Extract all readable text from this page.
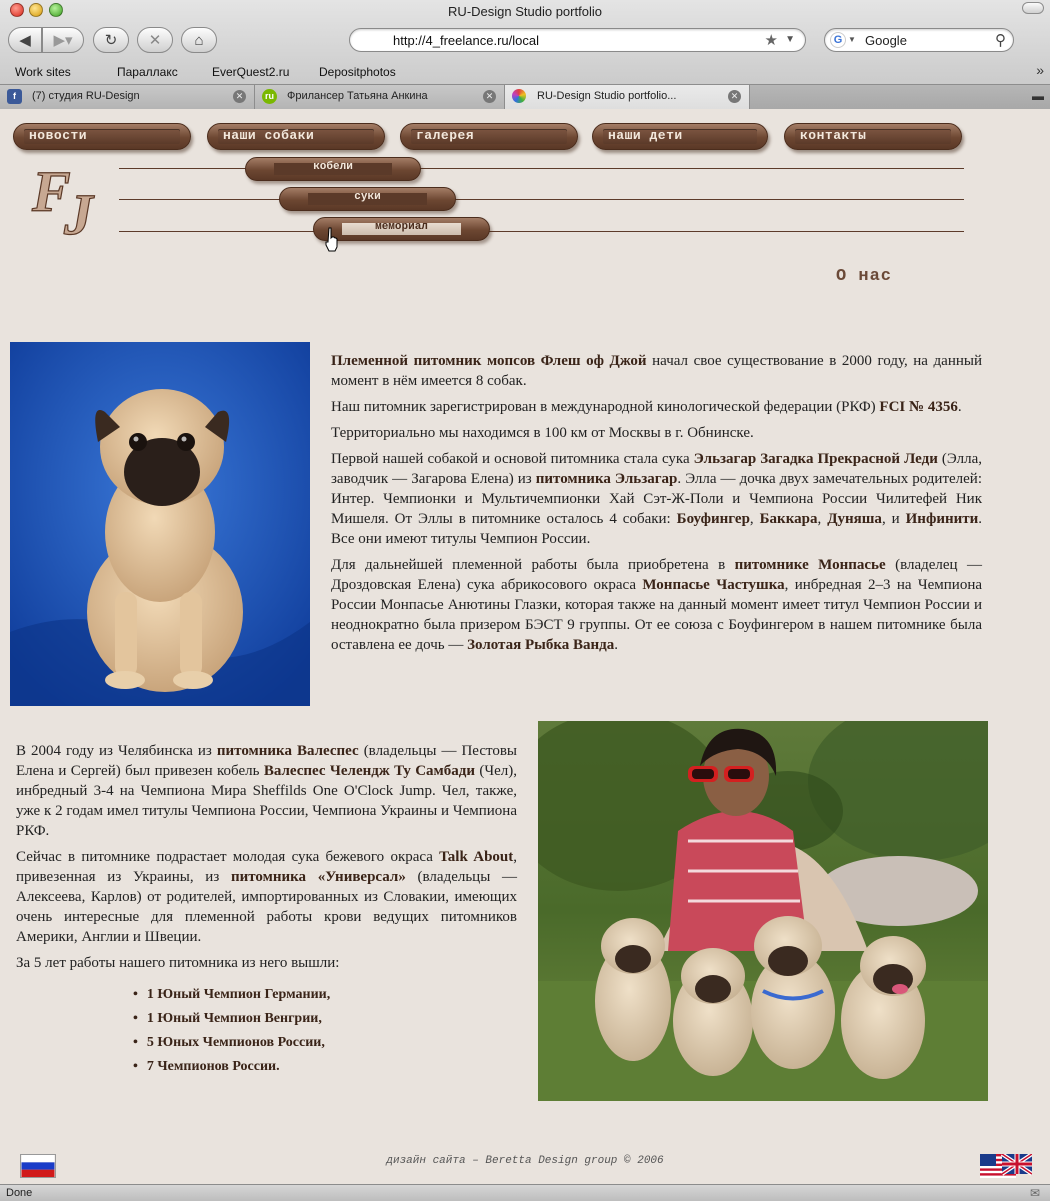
RU-Design Studio portfolio
◀ ▶▾ ↻ ✕ ⌂	http://4_freelance.ru/local	★ ▼	G ▼ Google	⚲
Work sites	Параллакс	EverQuest2.ru Depositphotos	»
f	(7) студия RU-Design	✕	ru Фрилансер Татьяна Анкина	✕	RU-Design Studio portfolio...	✕	▬
новости	наши собаки	галерея	наши дети	контакты
F
J
кобели
суки
мемориал
О нас

Племенной питомник мопсов Флеш оф Джой начал свое существование в 2000 году, на данный момент в нём имеется 8 собак.

Наш питомник зарегистрирован в международной кинологической федерации (РКФ) FCI № 4356.

Территориально мы находимся в 100 км от Москвы в г. Обнинске.

Первой нашей собакой и основой питомника стала сука Эльзагар Загадка Прекрасной Леди (Элла, заводчик — Загарова Елена) из питомника Эльзагар. Элла — дочка двух замечательных родителей: Интер. Чемпионки и Мультичемпионки Хай Сэт-Ж-Поли и Чемпиона России Чилитефей Ник Мишеля. От Эллы в питомнике осталось 4 собаки: Боуфингер, Баккара, Дуняша, и Инфинити. Все они имеют титулы Чемпион России.

Для дальнейшей племенной работы была приобретена в питомнике Монпасье (владелец — Дроздовская Елена) сука абрикосового окраса Монпасье Частушка, инбредная 2–3 на Чемпиона России Монпасье Анютины Глазки, которая также на данный момент имеет титул Чемпион России и неоднократно была призером БЭСТ 9 группы. От ее союза с Боуфингером в нашем питомнике была оставлена ее дочь — Золотая Рыбка Ванда.

В 2004 году из Челябинска из питомника Валеспес (владельцы — Пестовы Елена и Сергей) был привезен кобель Валеспес Челендж Ту Самбади (Чел), инбредный 3-4 на Чемпиона Мира Sheffilds One O'Clock Jump. Чел, также, уже к 2 годам имел титулы Чемпиона России, Чемпиона Украины и Чемпиона РКФ.

Сейчас в питомнике подрастает молодая сука бежевого окраса Talk About, привезенная из Украины, из питомника «Универсал» (владельцы — Алексеева, Карлов) от родителей, импортированных из Словакии, имеющих очень интересные для племенной работы крови ведущих питомников Америки, Англии и Швеции.

За 5 лет работы нашего питомника из него вышли:

• 1 Юный Чемпион Германии,
• 1 Юный Чемпион Венгрии,
• 5 Юных Чемпионов России,
• 7 Чемпионов России.
дизайн сайта – Beretta Design group © 2006
Done	✉
